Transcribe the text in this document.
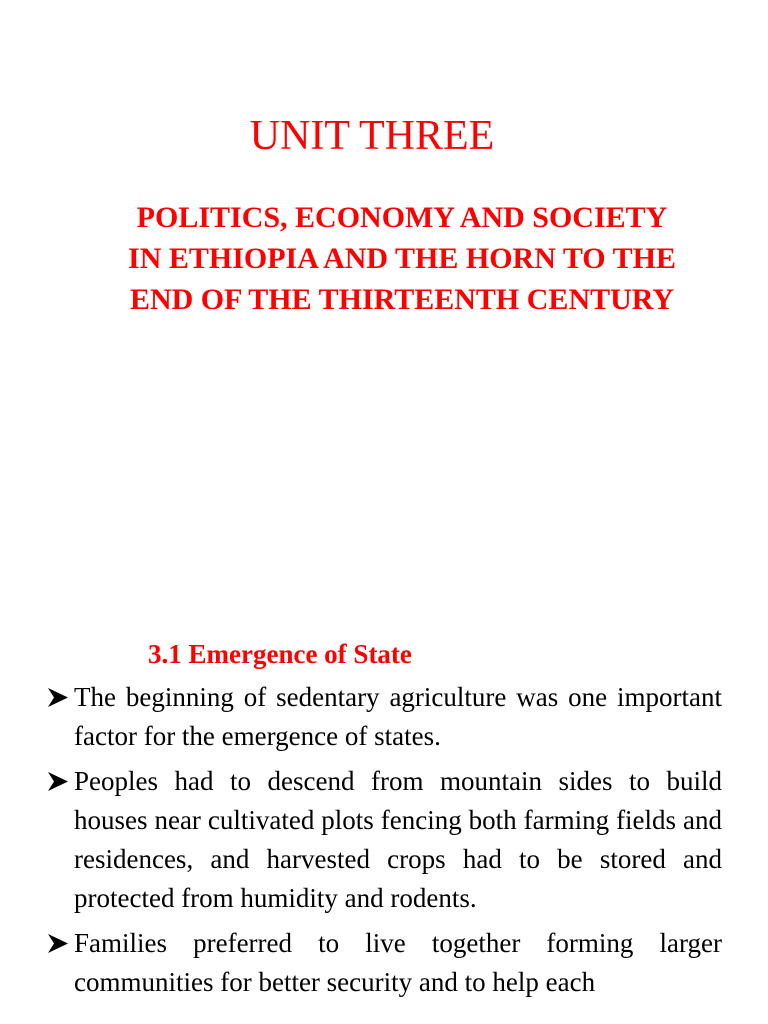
UNIT THREE
POLITICS, ECONOMY AND SOCIETY
IN ETHIOPIA AND THE HORN TO THE
END OF THE THIRTEENTH CENTURY
3.1 Emergence of State
The beginning of sedentary agriculture was one important factor for the emergence of states.
Peoples had to descend from mountain sides to build houses near cultivated plots fencing both farming fields and residences, and harvested crops had to be stored and protected from humidity and rodents.
Families preferred to live together forming larger communities for better security and to help each
